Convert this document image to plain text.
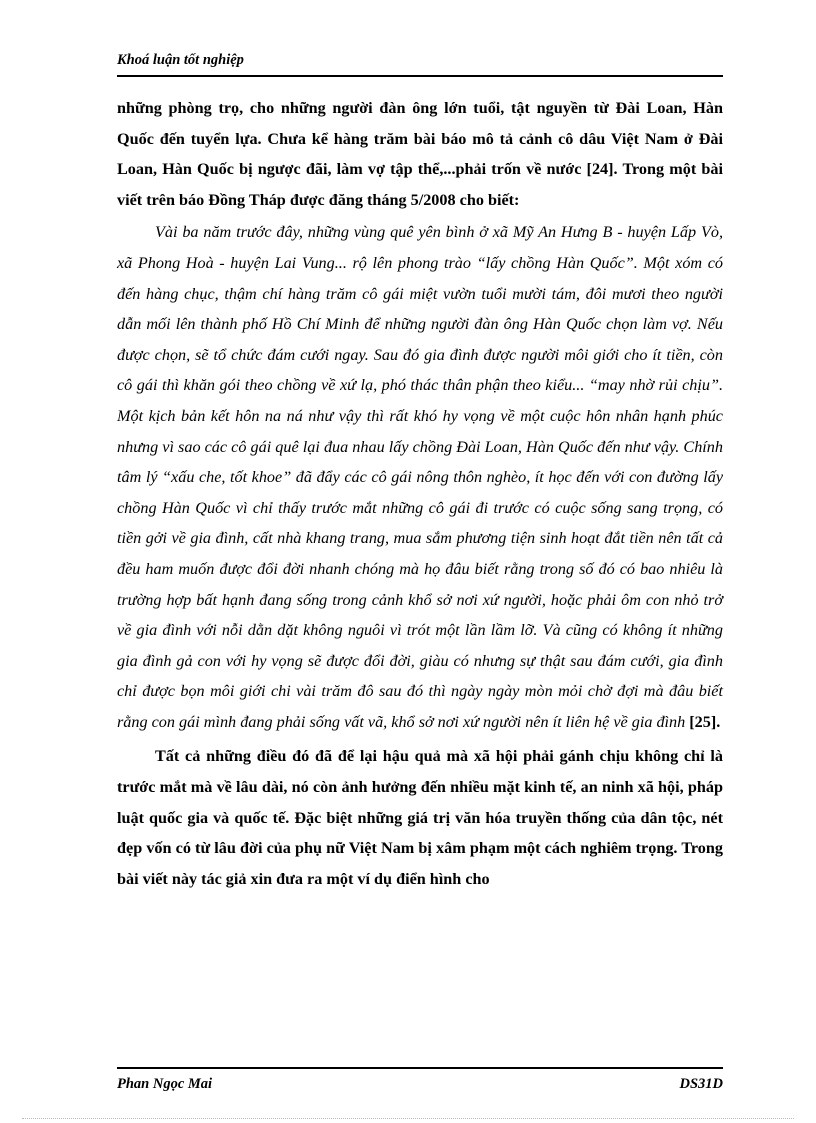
Khoá luận tốt nghiệp

những phòng trọ, cho những người đàn ông lớn tuổi, tật nguyền từ Đài Loan, Hàn Quốc đến tuyển lựa. Chưa kể hàng trăm bài báo mô tả cảnh cô dâu Việt Nam ở Đài Loan, Hàn Quốc bị ngược đãi, làm vợ tập thể,...phải trốn về nước [24]. Trong một bài viết trên báo Đồng Tháp được đăng tháng 5/2008 cho biết:

Vài ba năm trước đây, những vùng quê yên bình ở xã Mỹ An Hưng B - huyện Lấp Vò, xã Phong Hoà - huyện Lai Vung... rộ lên phong trào “lấy chồng Hàn Quốc”. Một xóm có đến hàng chục, thậm chí hàng trăm cô gái miệt vườn tuổi mười tám, đôi mươi theo người dẫn mối lên thành phố Hồ Chí Minh để những người đàn ông Hàn Quốc chọn làm vợ. Nếu được chọn, sẽ tổ chức đám cưới ngay. Sau đó gia đình được người môi giới cho ít tiền, còn cô gái thì khăn gói theo chồng về xứ lạ, phó thác thân phận theo kiểu... “may nhờ rủi chịu”. Một kịch bản kết hôn na ná như vậy thì rất khó hy vọng về một cuộc hôn nhân hạnh phúc nhưng vì sao các cô gái quê lại đua nhau lấy chồng Đài Loan, Hàn Quốc đến như vậy. Chính tâm lý “xấu che, tốt khoe” đã đẩy các cô gái nông thôn nghèo, ít học đến với con đường lấy chồng Hàn Quốc vì chỉ thấy trước mắt những cô gái đi trước có cuộc sống sang trọng, có tiền gởi về gia đình, cất nhà khang trang, mua sắm phương tiện sinh hoạt đắt tiền nên tất cả đều ham muốn được đổi đời nhanh chóng mà họ đâu biết rằng trong số đó có bao nhiêu là trường hợp bất hạnh đang sống trong cảnh khổ sở nơi xứ người, hoặc phải ôm con nhỏ trở về gia đình với nỗi dằn dặt không nguôi vì trót một lần lầm lỡ. Và cũng có không ít những gia đình gả con với hy vọng sẽ được đổi đời, giàu có nhưng sự thật sau đám cưới, gia đình chỉ được bọn môi giới chi vài trăm đô sau đó thì ngày ngày mòn mỏi chờ đợi mà đâu biết rằng con gái mình đang phải sống vất vã, khổ sở nơi xứ người nên ít liên hệ về gia đình [25].

Tất cả những điều đó đã để lại hậu quả mà xã hội phải gánh chịu không chỉ là trước mắt mà về lâu dài, nó còn ảnh hưởng đến nhiều mặt kinh tế, an ninh xã hội, pháp luật quốc gia và quốc tế. Đặc biệt những giá trị văn hóa truyền thống của dân tộc, nét đẹp vốn có từ lâu đời của phụ nữ Việt Nam bị xâm phạm một cách nghiêm trọng. Trong bài viết này tác giả xin đưa ra một ví dụ điển hình cho

Phan Ngọc Mai	DS31D
